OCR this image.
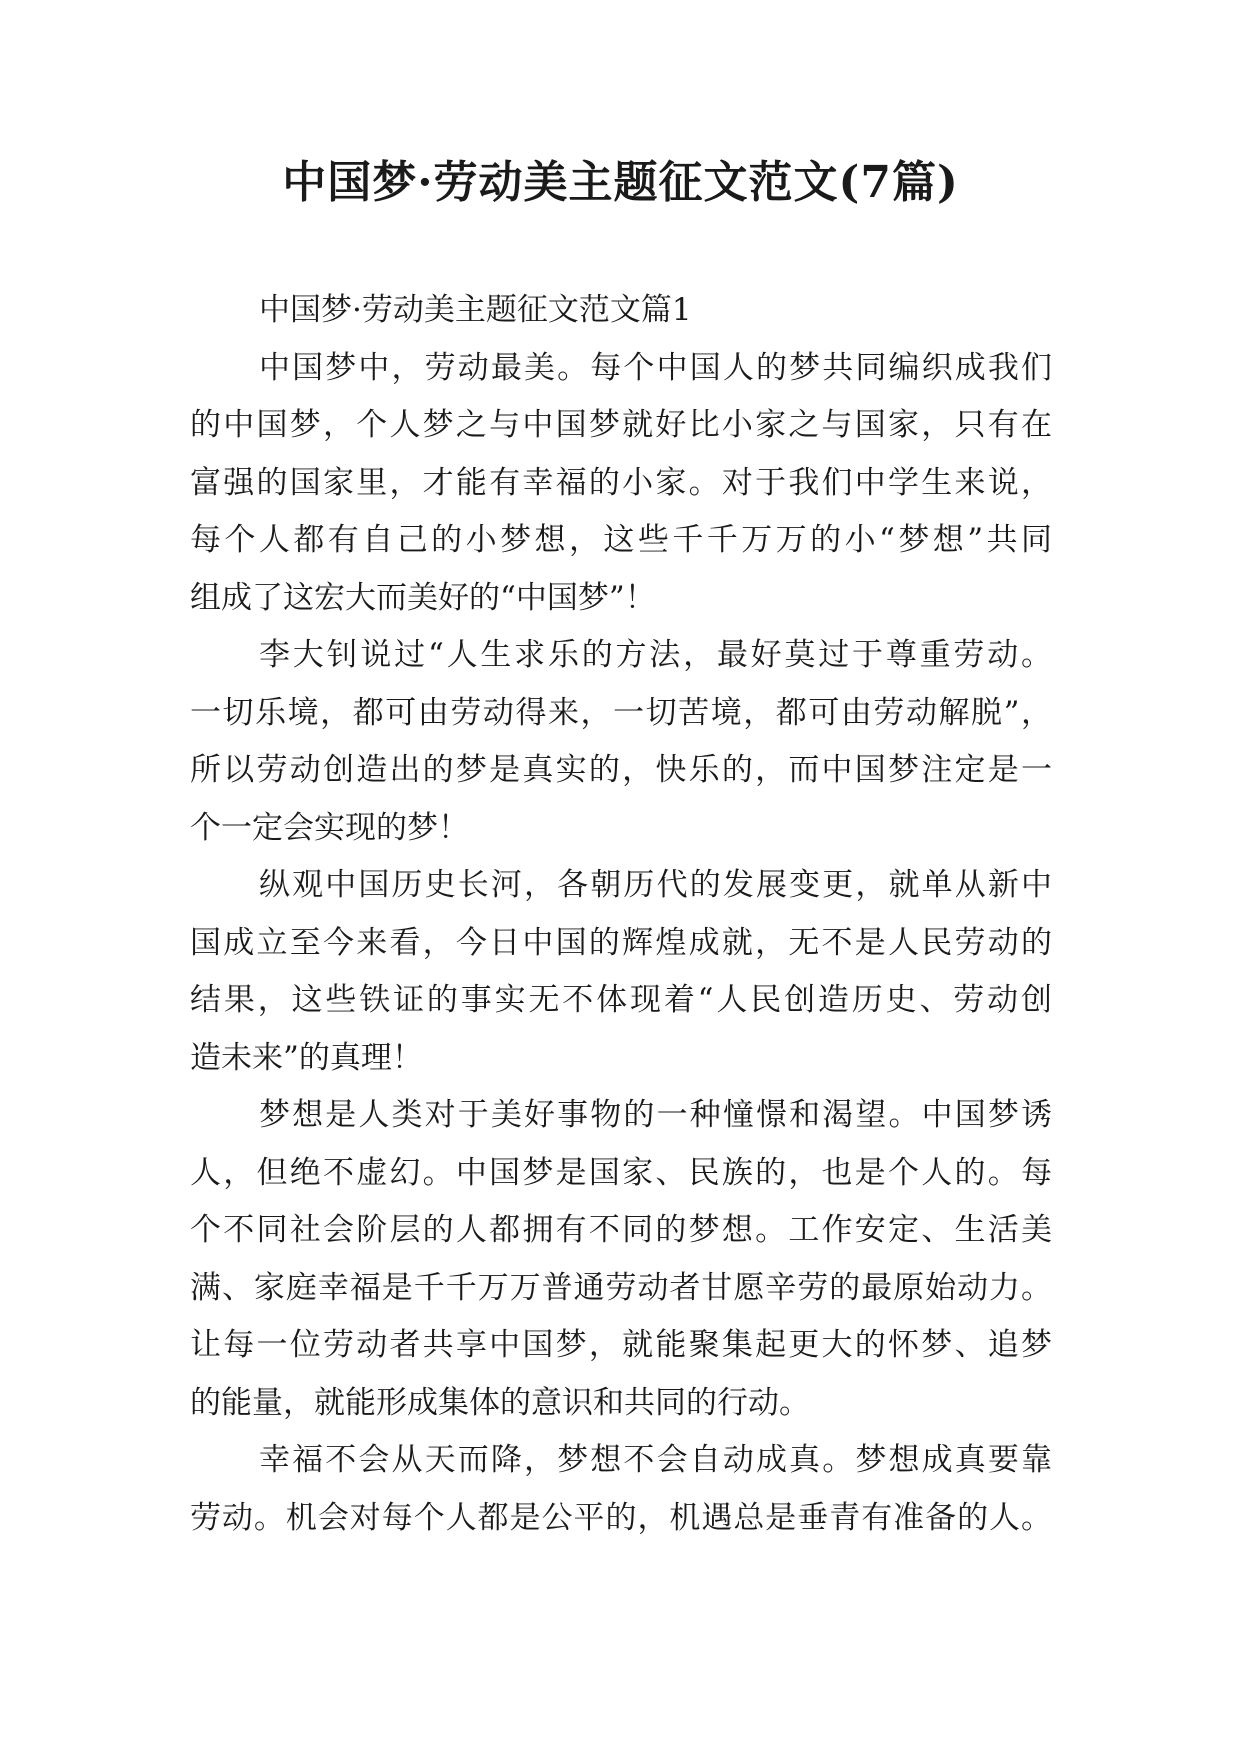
中国梦·劳动美主题征文范文(7篇)

中国梦·劳动美主题征文范文篇1

中国梦中，劳动最美。每个中国人的梦共同编织成我们
的中国梦，个人梦之与中国梦就好比小家之与国家，只有在
富强的国家里，才能有幸福的小家。对于我们中学生来说，
每个人都有自己的小梦想，这些千千万万的小“梦想”共同
组成了这宏大而美好的“中国梦”！
李大钊说过“人生求乐的方法，最好莫过于尊重劳动。
一切乐境，都可由劳动得来，一切苦境，都可由劳动解脱”，
所以劳动创造出的梦是真实的，快乐的，而中国梦注定是一
个一定会实现的梦！
纵观中国历史长河，各朝历代的发展变更，就单从新中
国成立至今来看，今日中国的辉煌成就，无不是人民劳动的
结果，这些铁证的事实无不体现着“人民创造历史、劳动创
造未来”的真理！
梦想是人类对于美好事物的一种憧憬和渴望。中国梦诱
人，但绝不虚幻。中国梦是国家、民族的，也是个人的。每
个不同社会阶层的人都拥有不同的梦想。工作安定、生活美
满、家庭幸福是千千万万普通劳动者甘愿辛劳的最原始动力。
让每一位劳动者共享中国梦，就能聚集起更大的怀梦、追梦
的能量，就能形成集体的意识和共同的行动。
幸福不会从天而降，梦想不会自动成真。梦想成真要靠
劳动。机会对每个人都是公平的，机遇总是垂青有准备的人。
